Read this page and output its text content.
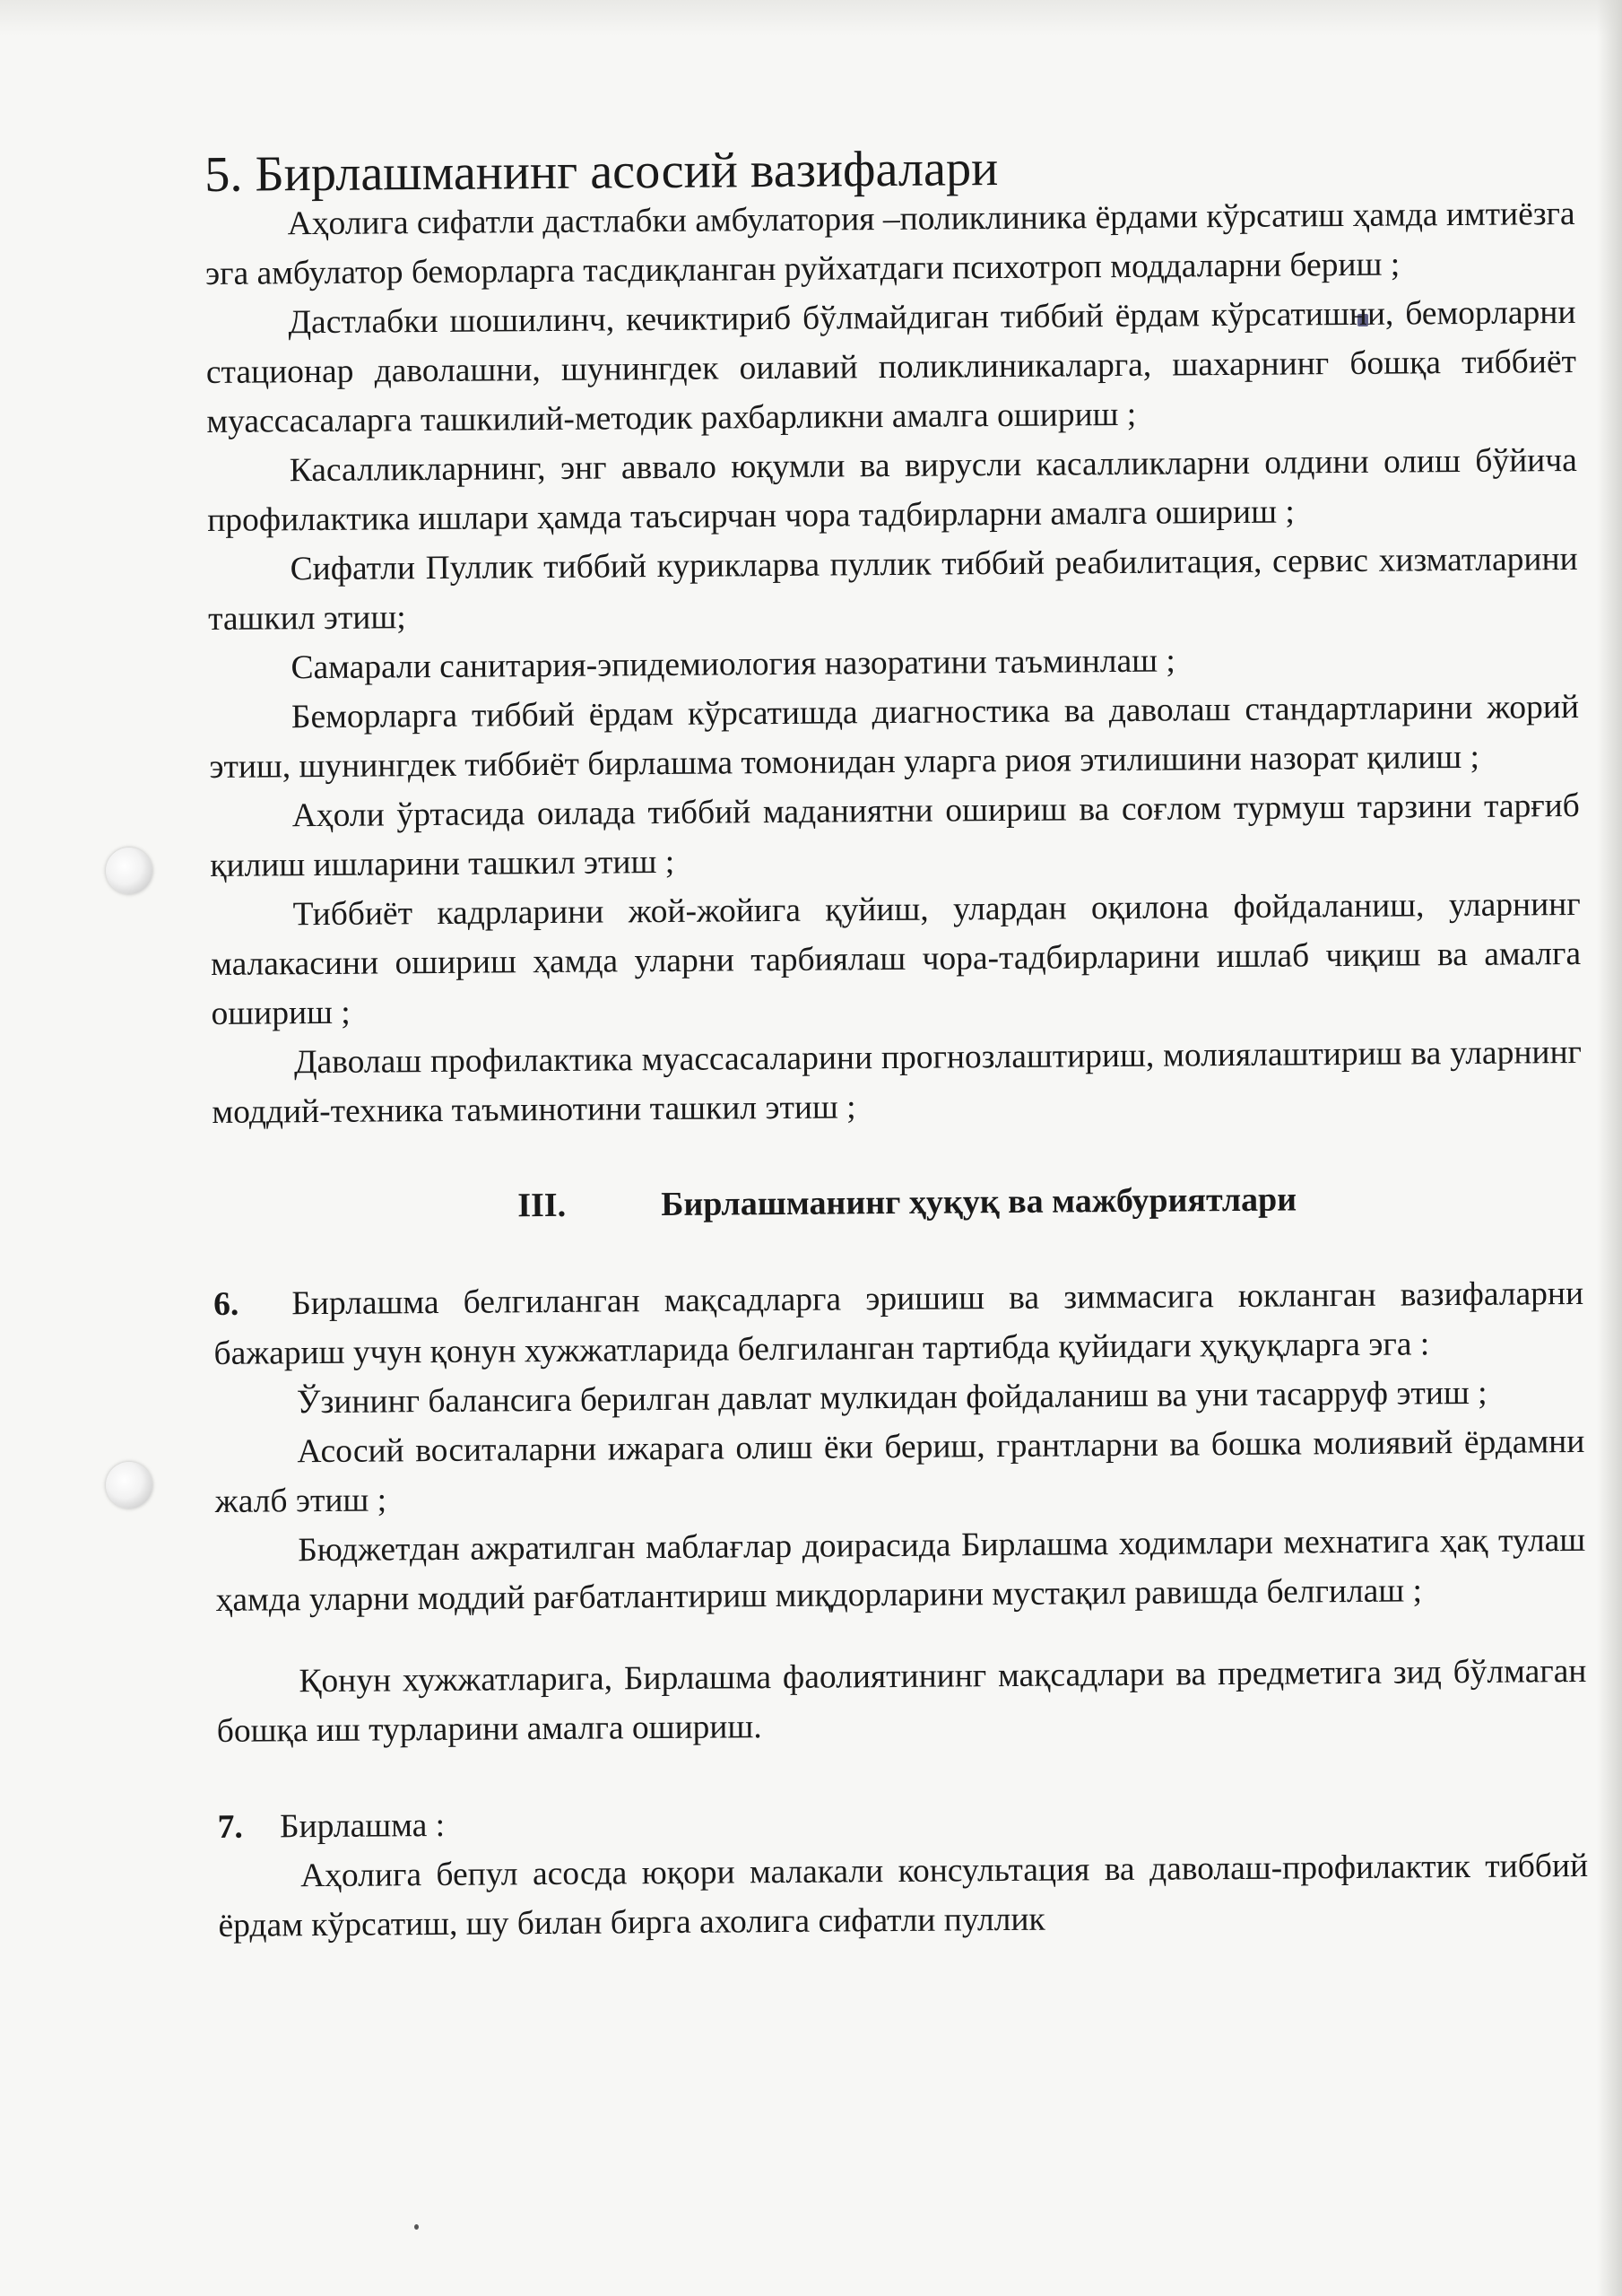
5. Бирлашманинг асосий вазифалари

Аҳолига сифатли дастлабки амбулатория –поликлиника ёрдами кўрсатиш ҳамда имтиёзга эга амбулатор беморларга тасдиқланган руйхатдаги психотроп моддаларни бериш ;

Дастлабки шошилинч, кечиктириб бўлмайдиган тиббий ёрдам кўрсатишни, беморларни стационар даволашни, шунингдек оилавий поликлиникаларга, шахарнинг бошқа тиббиёт муассасаларга ташкилий-методик рахбарликни амалга ошириш ;

Касалликларнинг, энг аввало юқумли ва вирусли касалликларни олдини олиш бўйича профилактика ишлари ҳамда таъсирчан чора тадбирларни амалга ошириш ;

Сифатли Пуллик тиббий курикларва пуллик тиббий реабилитация, сервис хизматларини ташкил этиш;

Самарали санитария-эпидемиология назоратини таъминлаш ;

Беморларга тиббий ёрдам кўрсатишда диагностика ва даволаш стандартларини жорий этиш, шунингдек тиббиёт бирлашма томонидан уларга риоя этилишини назорат қилиш ;

Аҳоли ўртасида оилада тиббий маданиятни ошириш ва соғлом турмуш тарзини тарғиб қилиш ишларини ташкил этиш ;

Тиббиёт кадрларини жой-жойига қуйиш, улардан оқилона фойдаланиш, уларнинг малакасини ошириш ҳамда уларни тарбиялаш чора-тадбирларини ишлаб чиқиш ва амалга ошириш ;

Даволаш профилактика муассасаларини прогнозлаштириш, молиялаштириш ва уларнинг моддий-техника таъминотини ташкил этиш ;

III.	Бирлашманинг ҳуқуқ ва мажбуриятлари

6. Бирлашма белгиланган мақсадларга эришиш ва зиммасига юкланган вазифаларни бажариш учун қонун хужжатларида белгиланган тартибда қуйидаги ҳуқуқларга эга :

Ўзининг балансига берилган давлат мулкидан фойдаланиш ва уни тасарруф этиш ;

Асосий воситаларни ижарага олиш ёки бериш, грантларни ва бошка молиявий ёрдамни жалб этиш ;

Бюджетдан ажратилган маблағлар доирасида Бирлашма ходимлари мехнатига ҳақ тулаш ҳамда уларни моддий рағбатлантириш миқдорларини мустақил равишда белгилаш ;

Қонун хужжатларига, Бирлашма фаолиятининг мақсадлари ва предметига зид бўлмаган бошқа иш турларини амалга ошириш.

7. Бирлашма :

Аҳолига бепул асосда юқори малакали консультация ва даволаш-профилактик тиббий ёрдам кўрсатиш, шу билан бирга ахолига сифатли пуллик
